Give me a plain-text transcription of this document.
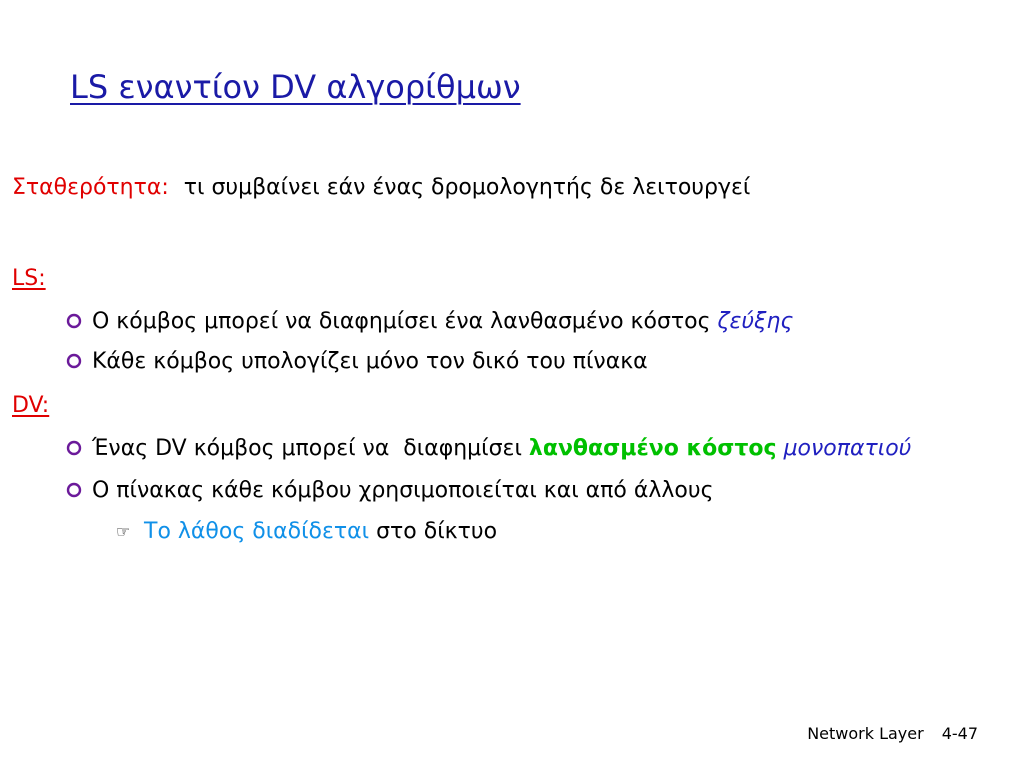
LS εναντίον DV αλγορίθμων
Σταθερότητα: τι συμβαίνει εάν ένας δρομολογητής δε λειτουργεί
LS:
Ο κόμβος μπορεί να διαφημίσει ένα λανθασμένο κόστος ζεύξης
Κάθε κόμβος υπολογίζει μόνο τον δικό του πίνακα
DV:
Ένας DV κόμβος μπορεί να  διαφημίσει λανθασμένο κόστος μονοπατιού
Ο πίνακας κάθε κόμβου χρησιμοποιείται και από άλλους
☞ Το λάθος διαδίδεται στο δίκτυο
Network Layer 4-47
